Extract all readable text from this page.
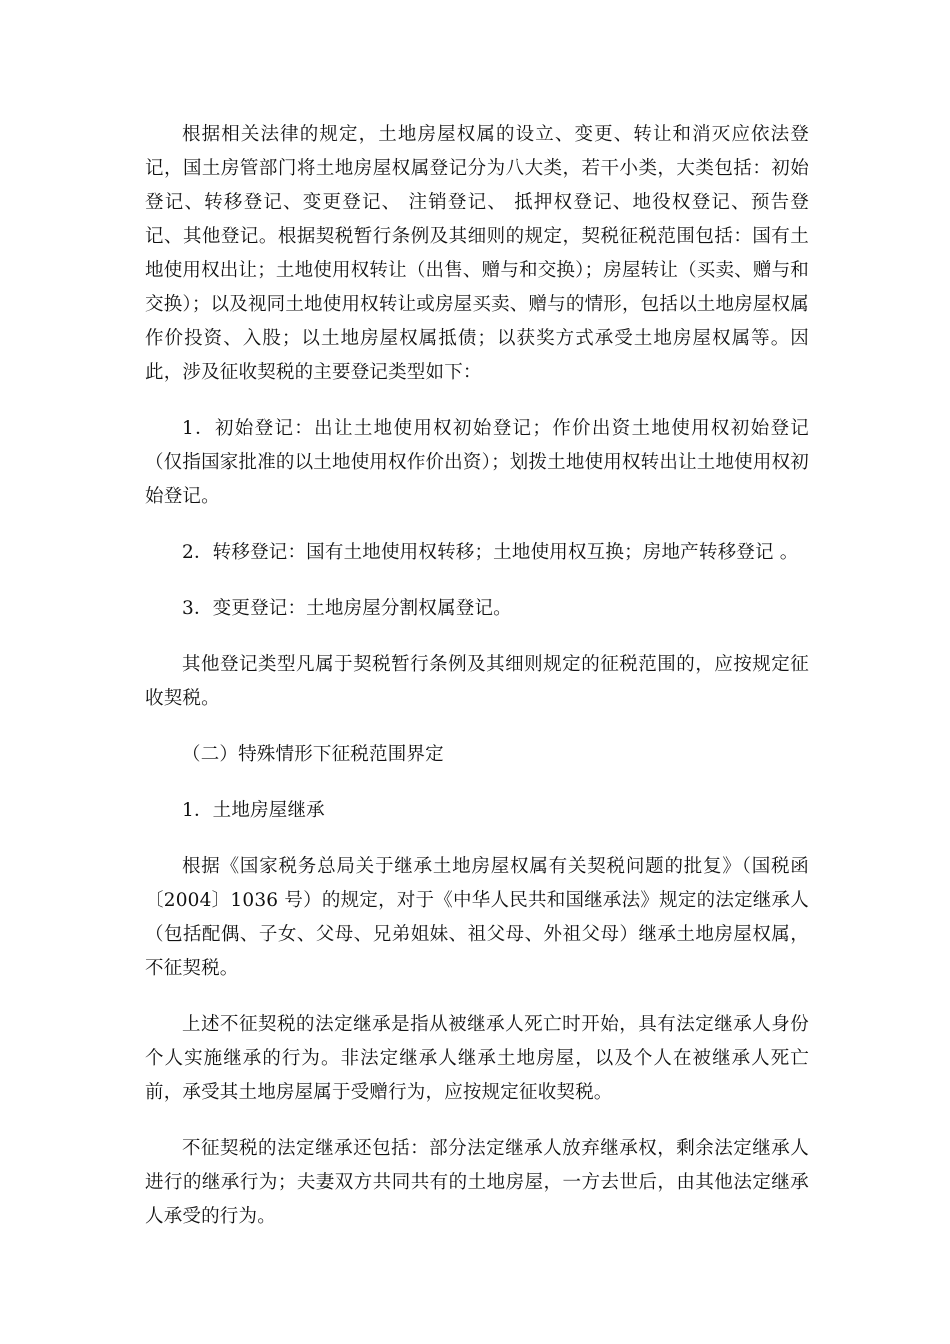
根据相关法律的规定，土地房屋权属的设立、变更、转让和消灭应依法登记，国土房管部门将土地房屋权属登记分为八大类，若干小类，大类包括：初始登记、转移登记、变更登记、 注销登记、 抵押权登记、地役权登记、预告登记、其他登记。根据契税暂行条例及其细则的规定，契税征税范围包括：国有土地使用权出让；土地使用权转让（出售、赠与和交换）；房屋转让（买卖、赠与和交换）；以及视同土地使用权转让或房屋买卖、赠与的情形，包括以土地房屋权属作价投资、入股；以土地房屋权属抵债；以获奖方式承受土地房屋权属等。因此，涉及征收契税的主要登记类型如下：

1．初始登记：出让土地使用权初始登记；作价出资土地使用权初始登记（仅指国家批准的以土地使用权作价出资）；划拨土地使用权转出让土地使用权初始登记。

2．转移登记：国有土地使用权转移；土地使用权互换；房地产转移登记 。

3．变更登记：土地房屋分割权属登记。

其他登记类型凡属于契税暂行条例及其细则规定的征税范围的，应按规定征收契税。

（二）特殊情形下征税范围界定

1．土地房屋继承

根据《国家税务总局关于继承土地房屋权属有关契税问题的批复》（国税函〔2004〕1036 号）的规定，对于《中华人民共和国继承法》规定的法定继承人（包括配偶、子女、父母、兄弟姐妹、祖父母、外祖父母）继承土地房屋权属，不征契税。

上述不征契税的法定继承是指从被继承人死亡时开始，具有法定继承人身份个人实施继承的行为。非法定继承人继承土地房屋，以及个人在被继承人死亡前，承受其土地房屋属于受赠行为，应按规定征收契税。

不征契税的法定继承还包括：部分法定继承人放弃继承权，剩余法定继承人进行的继承行为；夫妻双方共同共有的土地房屋，一方去世后，由其他法定继承人承受的行为。
